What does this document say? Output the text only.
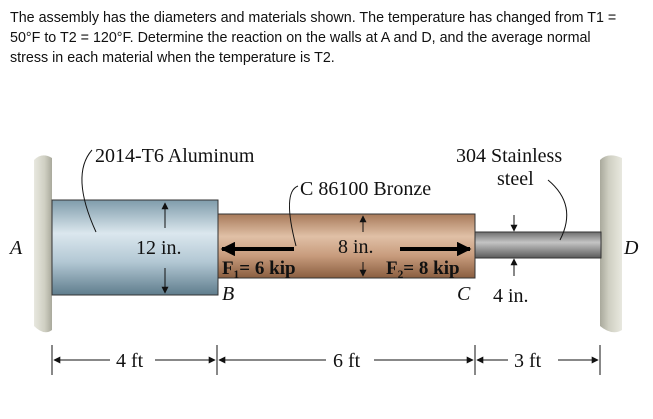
The assembly has the diameters and materials shown. The temperature has changed from T1 =
50°F to T2 = 120°F. Determine the reaction on the walls at A and D, and the average normal
stress in each material when the temperature is T2.
2014-T6 Aluminum
C 86100 Bronze
304 Stainless
steel
12 in.	8 in.
4 in.
F₁= 6 kip	F₂= 8 kip
A
B	C
D
4 ft	6 ft	3 ft
